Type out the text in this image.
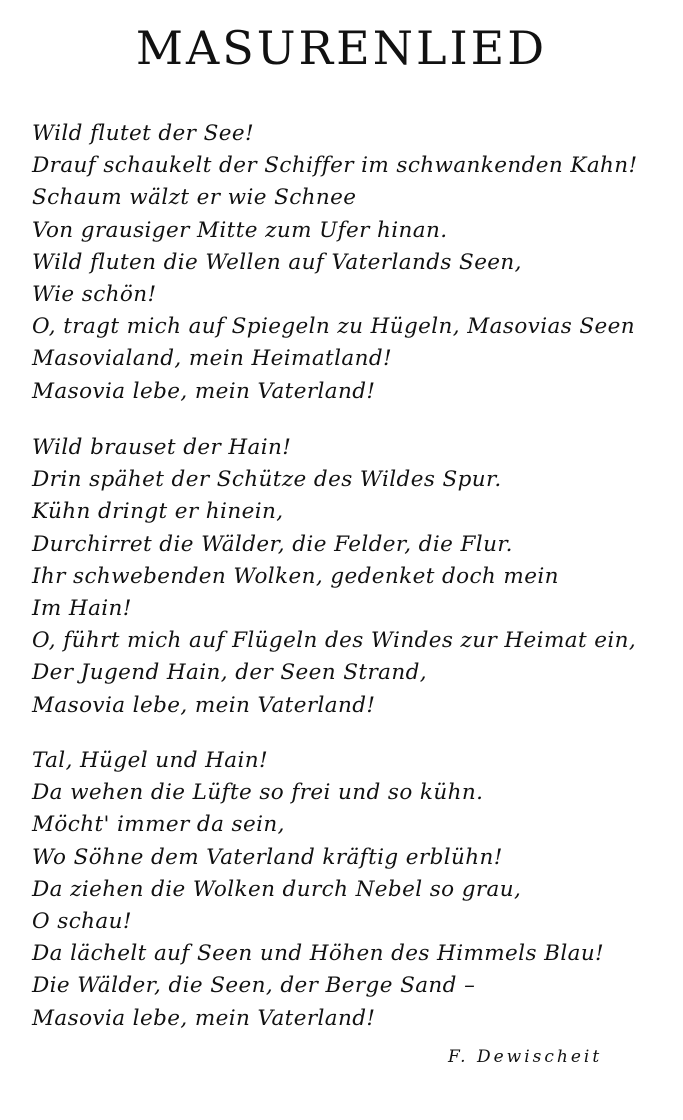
MASURENLIED
Wild flutet der See!
Drauf schaukelt der Schiffer im schwankenden Kahn!
Schaum wälzt er wie Schnee
Von grausiger Mitte zum Ufer hinan.
Wild fluten die Wellen auf Vaterlands Seen,
Wie schön!
O, tragt mich auf Spiegeln zu Hügeln, Masovias Seen
Masovialand, mein Heimatland!
Masovia lebe, mein Vaterland!
Wild brauset der Hain!
Drin spähet der Schütze des Wildes Spur.
Kühn dringt er hinein,
Durchirret die Wälder, die Felder, die Flur.
Ihr schwebenden Wolken, gedenket doch mein
Im Hain!
O, führt mich auf Flügeln des Windes zur Heimat ein,
Der Jugend Hain, der Seen Strand,
Masovia lebe, mein Vaterland!
Tal, Hügel und Hain!
Da wehen die Lüfte so frei und so kühn.
Möcht' immer da sein,
Wo Söhne dem Vaterland kräftig erblühn!
Da ziehen die Wolken durch Nebel so grau,
O schau!
Da lächelt auf Seen und Höhen des Himmels Blau!
Die Wälder, die Seen, der Berge Sand –
Masovia lebe, mein Vaterland!
F. Dewischeit
